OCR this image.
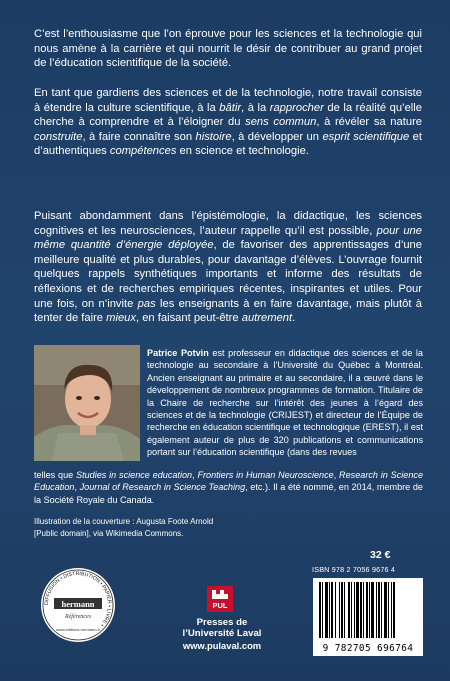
C’est l’enthousiasme que l’on éprouve pour les sciences et la technologie qui nous amène à la carrière et qui nourrit le désir de contribuer au grand projet de l’éducation scientifique de la société.

En tant que gardiens des sciences et de la technologie, notre travail consiste à étendre la culture scientifique, à la bâtir, à la rapprocher de la réalité qu’elle cherche à comprendre et à l’éloigner du sens commun, à révéler sa nature construite, à faire connaître son histoire, à développer un esprit scientifique et d’authentiques compétences en science et technologie.

Puisant abondamment dans l’épistémologie, la didactique, les sciences cognitives et les neurosciences, l’auteur rappelle qu’il est possible, pour une même quantité d’énergie déployée, de favoriser des apprentissages d’une meilleure qualité et plus durables, pour davantage d’élèves. L’ouvrage fournit quelques rappels synthétiques importants et informe des résultats de réflexions et de recherches empiriques récentes, inspirantes et utiles. Pour une fois, on n’invite pas les enseignants à en faire davantage, mais plutôt à tenter de faire mieux, en faisant peut-être autrement.

Patrice Potvin est professeur en didactique des sciences et de la technologie au secondaire à l’Université du Québec à Montréal. Ancien enseignant au primaire et au secondaire, il a œuvré dans le développement de nombreux programmes de formation. Titulaire de la Chaire de recherche sur l’intérêt des jeunes à l’égard des sciences et de la technologie (CRIJEST) et directeur de l’Équipe de recherche en éducation scientifique et technologique (EREST), il est également auteur de plus de 320 publications et communications portant sur l’éducation scientifique (dans des revues

telles que Studies in science education, Frontiers in Human Neuroscience, Research in Science Education, Journal of Research in Science Teaching, etc.). Il a été nommé, en 2014, membre de la Société Royale du Canada.

Illustration de la couverture : Augusta Foote Arnold
[Public domain], via Wikimedia Commons.
DIFFUSION • DISTRIBUTION • PAPIER • LIVRE •
hermann
Références
www.editions-hermann.fr
PUL
Presses de
l’Université Laval
www.pulaval.com
32 €
ISBN 978 2 7056 9676 4
9 782705 696764
